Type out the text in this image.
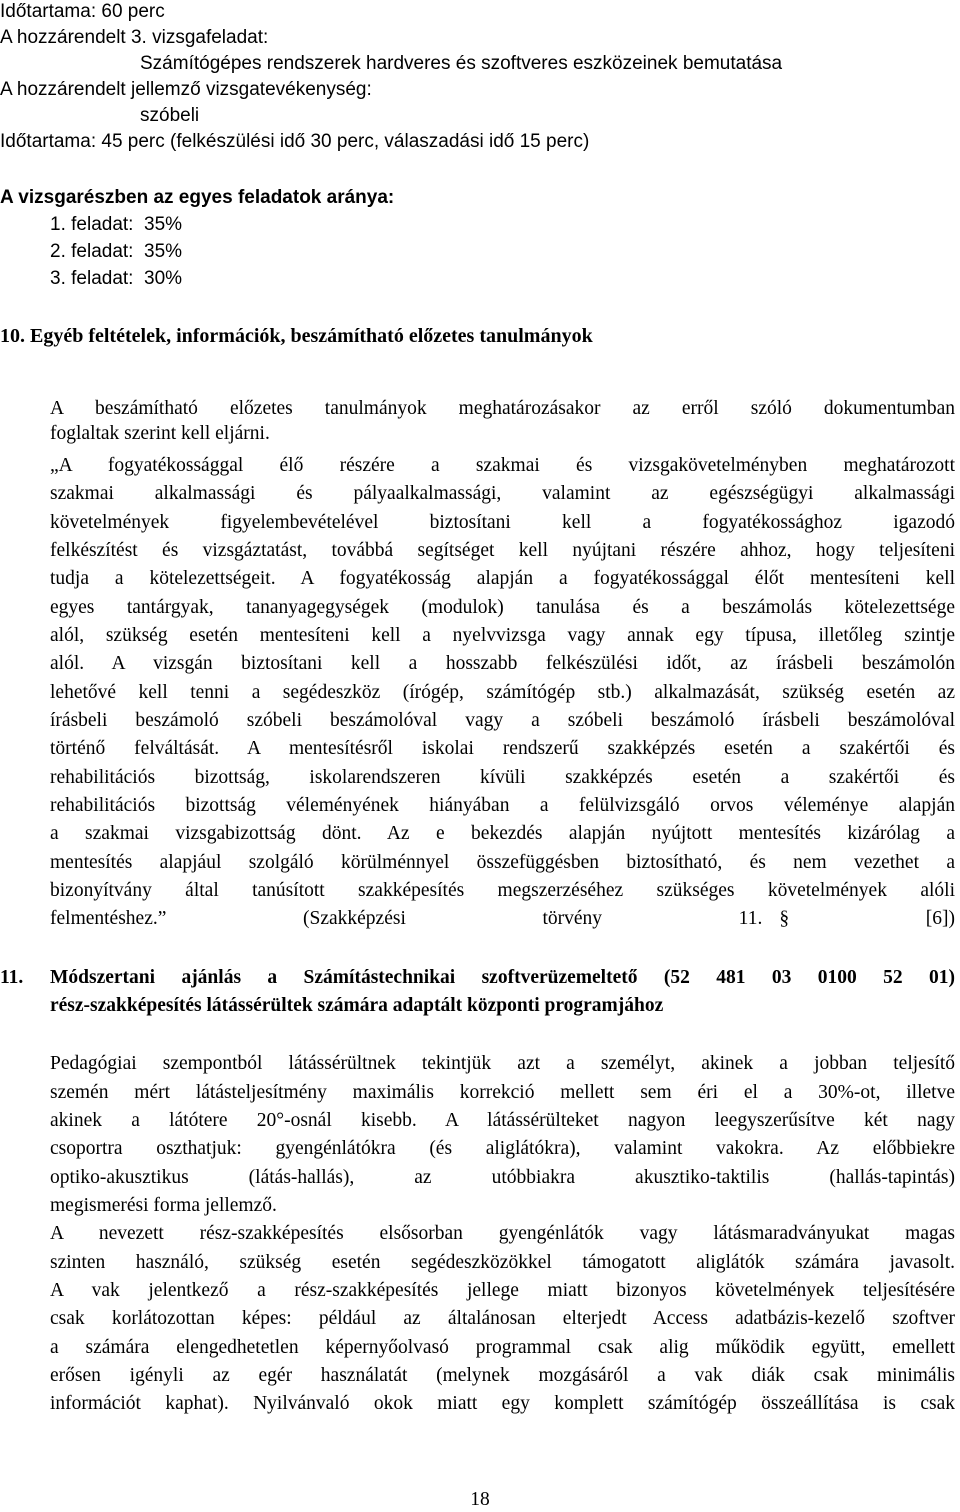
Időtartama: 60 perc
A hozzárendelt 3. vizsgafeladat:
Számítógépes rendszerek hardveres és szoftveres eszközeinek bemutatása
A hozzárendelt jellemző vizsgatevékenység:
szóbeli
Időtartama: 45 perc (felkészülési idő 30 perc, válaszadási idő 15 perc)
A vizsgarészben az egyes feladatok aránya:
1. feladat:  35%
2. feladat:  35%
3. feladat:  30%
10. Egyéb feltételek, információk, beszámítható előzetes tanulmányok
A beszámítható előzetes tanulmányok meghatározásakor az erről szóló dokumentumban
foglaltak szerint kell eljárni.
„A fogyatékossággal élő részére a szakmai és vizsgakövetelményben meghatározott
szakmai alkalmassági és pályaalkalmassági, valamint az egészségügyi alkalmassági
követelmények figyelembevételével biztosítani kell a fogyatékossághoz igazodó
felkészítést és vizsgáztatást, továbbá segítséget kell nyújtani részére ahhoz, hogy teljesíteni
tudja a kötelezettségeit. A fogyatékosság alapján a fogyatékossággal élőt mentesíteni kell
egyes tantárgyak, tananyagegységek (modulok) tanulása és a beszámolás kötelezettsége
alól, szükség esetén mentesíteni kell a nyelvvizsga vagy annak egy típusa, illetőleg szintje
alól. A vizsgán biztosítani kell a hosszabb felkészülési időt, az írásbeli beszámolón
lehetővé kell tenni a segédeszköz (írógép, számítógép stb.) alkalmazását, szükség esetén az
írásbeli beszámoló szóbeli beszámolóval vagy a szóbeli beszámoló írásbeli beszámolóval
történő felváltását. A mentesítésről iskolai rendszerű szakképzés esetén a szakértői és
rehabilitációs bizottság, iskolarendszeren kívüli szakképzés esetén a szakértői és
rehabilitációs bizottság véleményének hiányában a felülvizsgáló orvos véleménye alapján
a szakmai vizsgabizottság dönt. Az e bekezdés alapján nyújtott mentesítés kizárólag a
mentesítés alapjául szolgáló körülménnyel összefüggésben biztosítható, és nem vezethet a
bizonyítvány által tanúsított szakképesítés megszerzéséhez szükséges követelmények alóli
felmentéshez.”        (Szakképzési        törvény        11. §        [6])
11. Módszertani ajánlás a Számítástechnikai szoftverüzemeltető (52 481 03 0100 52 01)
rész-szakképesítés látássérültek számára adaptált központi programjához
Pedagógiai szempontból látássérültnek tekintjük azt a személyt, akinek a jobban teljesítő
szemén mért látásteljesítmény maximális korrekció mellett sem éri el a 30%-ot, illetve
akinek a látótere 20°-osnál kisebb. A látássérülteket nagyon leegyszerűsítve két nagy
csoportra oszthatjuk: gyengénlátókra (és aliglátókra), valamint vakokra. Az előbbiekre
optiko-akusztikus (látás-hallás), az utóbbiakra akusztiko-taktilis (hallás-tapintás)
megismerési forma jellemző.
A nevezett rész-szakképesítés elsősorban gyengénlátók vagy látásmaradványukat magas
szinten használó, szükség esetén segédeszközökkel támogatott aliglátók számára javasolt.
A vak jelentkező a rész-szakképesítés jellege miatt bizonyos követelmények teljesítésére
csak korlátozottan képes: például az általánosan elterjedt Access adatbázis-kezelő szoftver
a számára elengedhetetlen képernyőolvasó programmal csak alig működik együtt, emellett
erősen igényli az egér használatát (melynek mozgásáról a vak diák csak minimális
információt kaphat). Nyilvánvaló okok miatt egy komplett számítógép összeállítása is csak
18
